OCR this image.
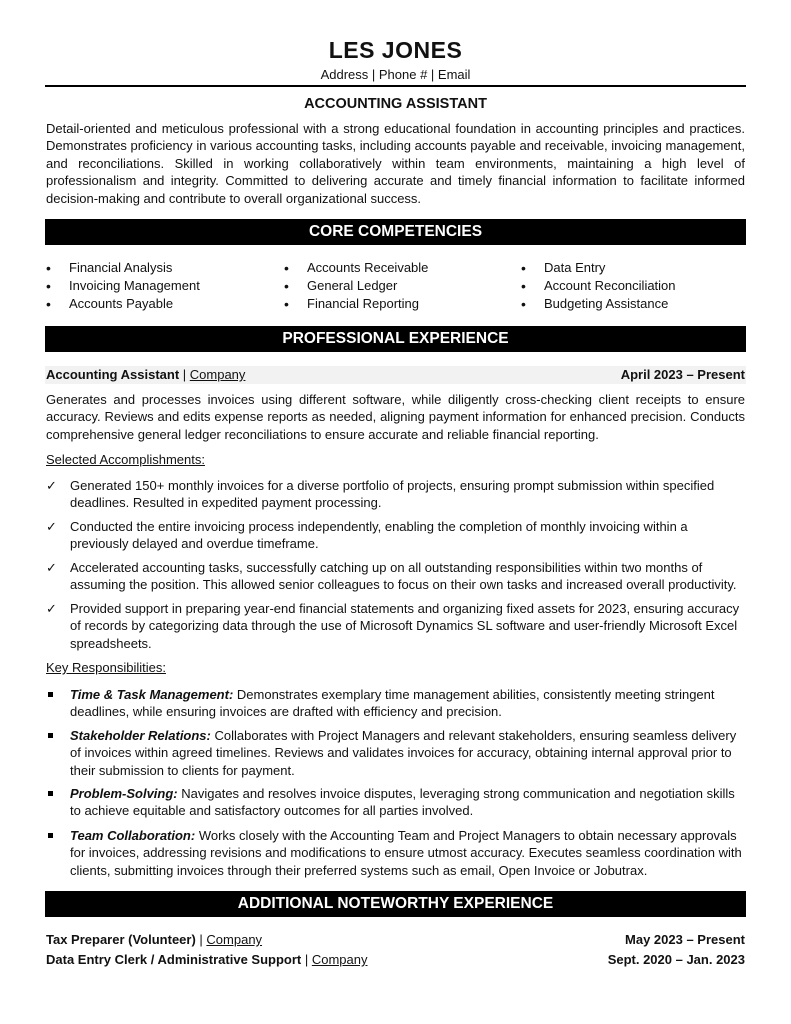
LES JONES
Address | Phone # | Email
ACCOUNTING ASSISTANT
Detail-oriented and meticulous professional with a strong educational foundation in accounting principles and practices. Demonstrates proficiency in various accounting tasks, including accounts payable and receivable, invoicing management, and reconciliations. Skilled in working collaboratively within team environments, maintaining a high level of professionalism and integrity. Committed to delivering accurate and timely financial information to facilitate informed decision-making and contribute to overall organizational success.
CORE COMPETENCIES
• Financial Analysis
• Invoicing Management
• Accounts Payable
• Accounts Receivable
• General Ledger
• Financial Reporting
• Data Entry
• Account Reconciliation
• Budgeting Assistance
PROFESSIONAL EXPERIENCE
Accounting Assistant | Company	April 2023 – Present
Generates and processes invoices using different software, while diligently cross-checking client receipts to ensure accuracy. Reviews and edits expense reports as needed, aligning payment information for enhanced precision. Conducts comprehensive general ledger reconciliations to ensure accurate and reliable financial reporting.
Selected Accomplishments:
✓	Generated 150+ monthly invoices for a diverse portfolio of projects, ensuring prompt submission within specified deadlines. Resulted in expedited payment processing.
✓	Conducted the entire invoicing process independently, enabling the completion of monthly invoicing within a previously delayed and overdue timeframe.
✓	Accelerated accounting tasks, successfully catching up on all outstanding responsibilities within two months of assuming the position. This allowed senior colleagues to focus on their own tasks and increased overall productivity.
✓	Provided support in preparing year-end financial statements and organizing fixed assets for 2023, ensuring accuracy of records by categorizing data through the use of Microsoft Dynamics SL software and user-friendly Microsoft Excel spreadsheets.
Key Responsibilities:
Time & Task Management: Demonstrates exemplary time management abilities, consistently meeting stringent deadlines, while ensuring invoices are drafted with efficiency and precision.
Stakeholder Relations: Collaborates with Project Managers and relevant stakeholders, ensuring seamless delivery of invoices within agreed timelines. Reviews and validates invoices for accuracy, obtaining internal approval prior to their submission to clients for payment.
Problem-Solving: Navigates and resolves invoice disputes, leveraging strong communication and negotiation skills to achieve equitable and satisfactory outcomes for all parties involved.
Team Collaboration: Works closely with the Accounting Team and Project Managers to obtain necessary approvals for invoices, addressing revisions and modifications to ensure utmost accuracy. Executes seamless coordination with clients, submitting invoices through their preferred systems such as email, Open Invoice or Jobutrax.
ADDITIONAL NOTEWORTHY EXPERIENCE
Tax Preparer (Volunteer) | Company	May 2023 – Present
Data Entry Clerk / Administrative Support | Company	Sept. 2020 – Jan. 2023
